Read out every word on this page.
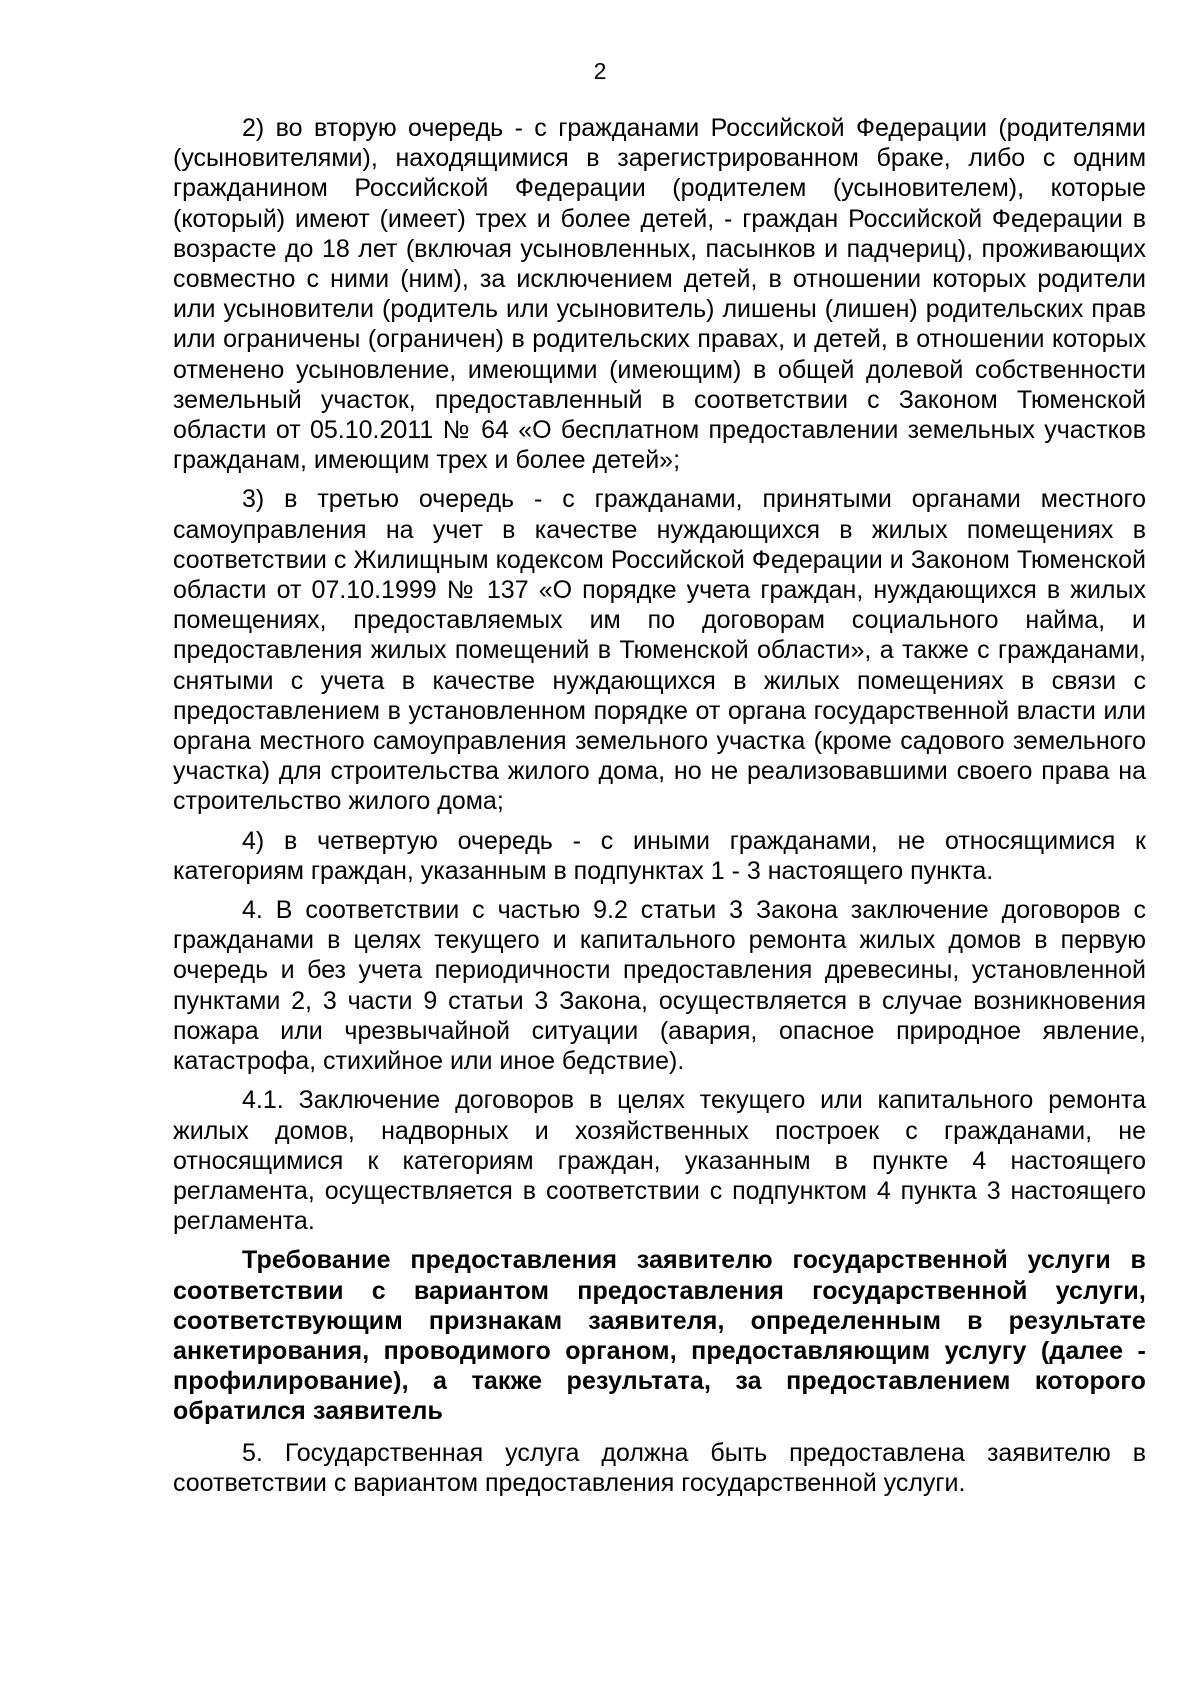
2

2) во вторую очередь - с гражданами Российской Федерации (родителями (усыновителями), находящимися в зарегистрированном браке, либо с одним гражданином Российской Федерации (родителем (усыновителем), которые (который) имеют (имеет) трех и более детей, - граждан Российской Федерации в возрасте до 18 лет (включая усыновленных, пасынков и падчериц), проживающих совместно с ними (ним), за исключением детей, в отношении которых родители или усыновители (родитель или усыновитель) лишены (лишен) родительских прав или ограничены (ограничен) в родительских правах, и детей, в отношении которых отменено усыновление, имеющими (имеющим) в общей долевой собственности земельный участок, предоставленный в соответствии с Законом Тюменской области от 05.10.2011 № 64 «О бесплатном предоставлении земельных участков гражданам, имеющим трех и более детей»;

3) в третью очередь - с гражданами, принятыми органами местного самоуправления на учет в качестве нуждающихся в жилых помещениях в соответствии с Жилищным кодексом Российской Федерации и Законом Тюменской области от 07.10.1999 № 137 «О порядке учета граждан, нуждающихся в жилых помещениях, предоставляемых им по договорам социального найма, и предоставления жилых помещений в Тюменской области», а также с гражданами, снятыми с учета в качестве нуждающихся в жилых помещениях в связи с предоставлением в установленном порядке от органа государственной власти или органа местного самоуправления земельного участка (кроме садового земельного участка) для строительства жилого дома, но не реализовавшими своего права на строительство жилого дома;

4) в четвертую очередь - с иными гражданами, не относящимися к категориям граждан, указанным в подпунктах 1 - 3 настоящего пункта.

4. В соответствии с частью 9.2 статьи 3 Закона заключение договоров с гражданами в целях текущего и капитального ремонта жилых домов в первую очередь и без учета периодичности предоставления древесины, установленной пунктами 2, 3 части 9 статьи 3 Закона, осуществляется в случае возникновения пожара или чрезвычайной ситуации (авария, опасное природное явление, катастрофа, стихийное или иное бедствие).

4.1. Заключение договоров в целях текущего или капитального ремонта жилых домов, надворных и хозяйственных построек с гражданами, не относящимися к категориям граждан, указанным в пункте 4 настоящего регламента, осуществляется в соответствии с подпунктом 4 пункта 3 настоящего регламента.

Требование предоставления заявителю государственной услуги в соответствии с вариантом предоставления государственной услуги, соответствующим признакам заявителя, определенным в результате анкетирования, проводимого органом, предоставляющим услугу (далее - профилирование), а также результата, за предоставлением которого обратился заявитель

5. Государственная услуга должна быть предоставлена заявителю в соответствии с вариантом предоставления государственной услуги.
